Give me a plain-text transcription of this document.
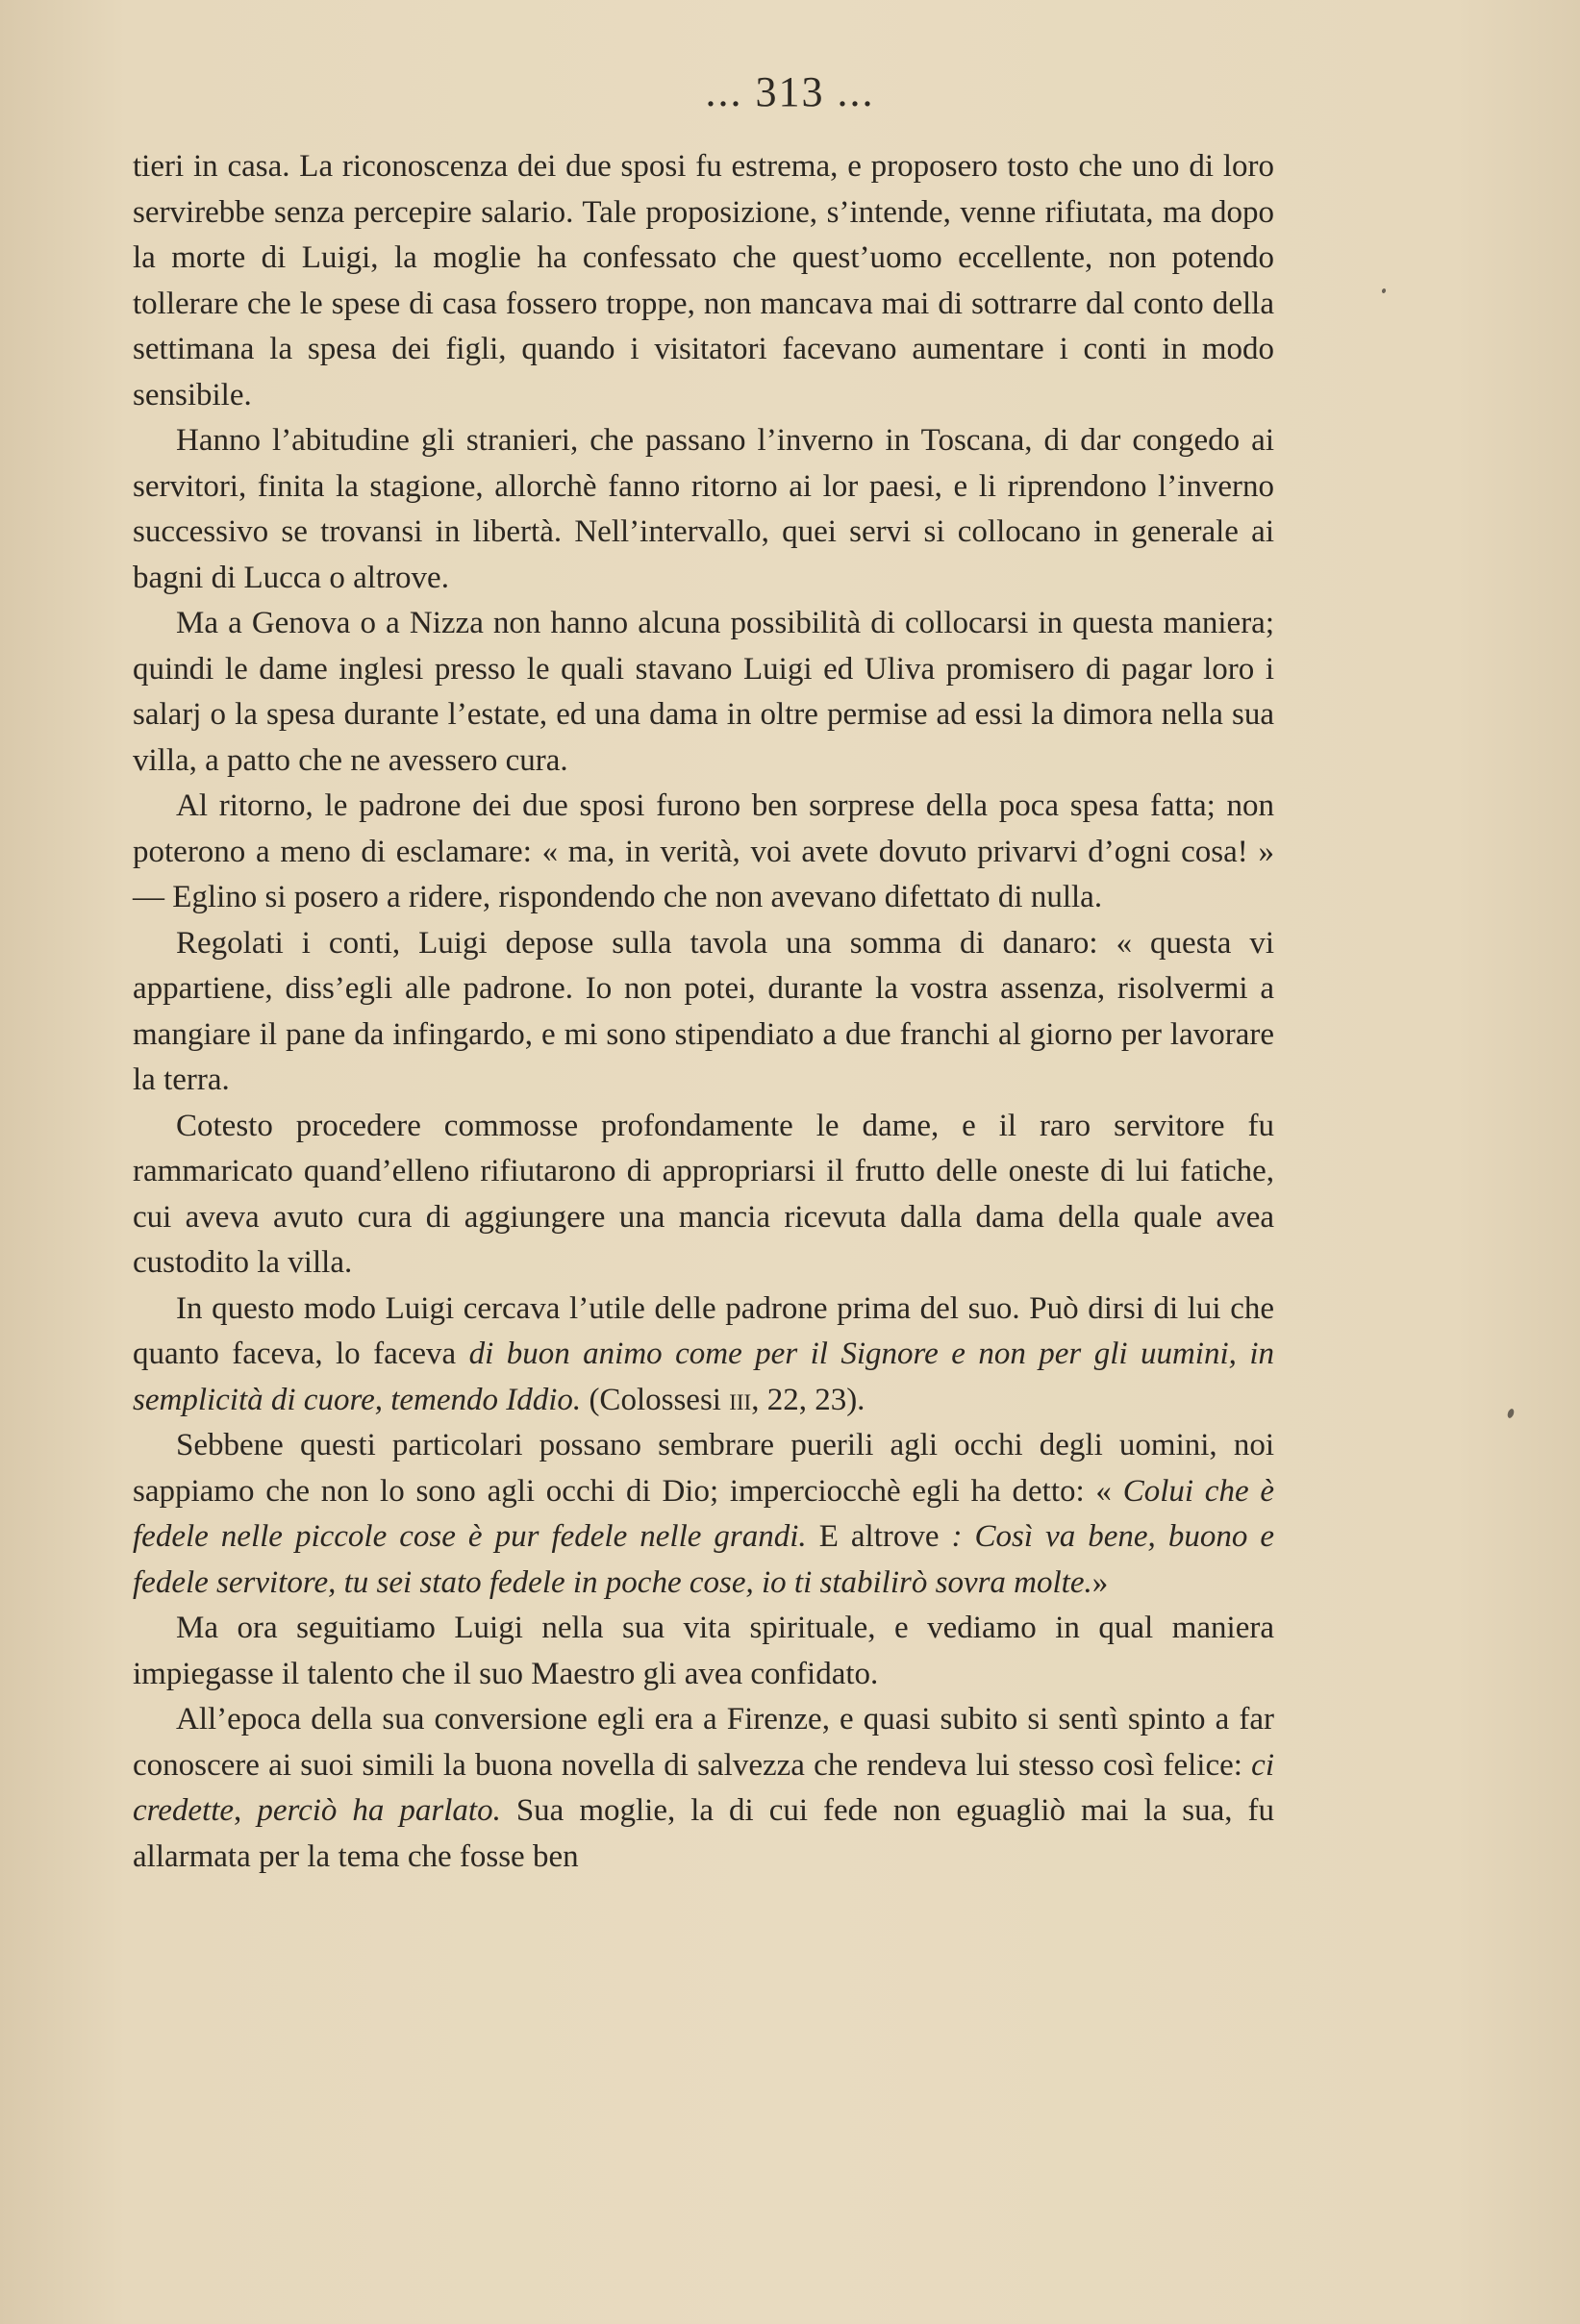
... 313 ...

tieri in casa. La riconoscenza dei due sposi fu estrema, e proposero tosto che uno di loro servirebbe senza percepire salario. Tale proposizione, s’intende, venne rifiutata, ma dopo la morte di Luigi, la moglie ha confessato che quest’uomo eccellente, non potendo tollerare che le spese di casa fossero troppe, non mancava mai di sottrarre dal conto della settimana la spesa dei figli, quando i visitatori facevano aumentare i conti in modo sensibile.

Hanno l’abitudine gli stranieri, che passano l’inverno in Toscana, di dar congedo ai servitori, finita la stagione, allorchè fanno ritorno ai lor paesi, e li riprendono l’inverno successivo se trovansi in libertà. Nell’intervallo, quei servi si collocano in generale ai bagni di Lucca o altrove.

Ma a Genova o a Nizza non hanno alcuna possibilità di collocarsi in questa maniera; quindi le dame inglesi presso le quali stavano Luigi ed Uliva promisero di pagar loro i salarj o la spesa durante l’estate, ed una dama in oltre permise ad essi la dimora nella sua villa, a patto che ne avessero cura.

Al ritorno, le padrone dei due sposi furono ben sorprese della poca spesa fatta; non poterono a meno di esclamare: « ma, in verità, voi avete dovuto privarvi d’ogni cosa! » — Eglino si posero a ridere, rispondendo che non avevano difettato di nulla.

Regolati i conti, Luigi depose sulla tavola una somma di danaro: « questa vi appartiene, diss’egli alle padrone. Io non potei, durante la vostra assenza, risolvermi a mangiare il pane da infingardo, e mi sono stipendiato a due franchi al giorno per lavorare la terra.

Cotesto procedere commosse profondamente le dame, e il raro servitore fu rammaricato quand’elleno rifiutarono di appropriarsi il frutto delle oneste di lui fatiche, cui aveva avuto cura di aggiungere una mancia ricevuta dalla dama della quale avea custodito la villa.

In questo modo Luigi cercava l’utile delle padrone prima del suo. Può dirsi di lui che quanto faceva, lo faceva di buon animo come per il Signore e non per gli uumini, in semplicità di cuore, temendo Iddio. (Colossesi iii, 22, 23).

Sebbene questi particolari possano sembrare puerili agli occhi degli uomini, noi sappiamo che non lo sono agli occhi di Dio; imperciocchè egli ha detto: « Colui che è fedele nelle piccole cose è pur fedele nelle grandi. E altrove : Così va bene, buono e fedele servitore, tu sei stato fedele in poche cose, io ti stabilirò sovra molte.»

Ma ora seguitiamo Luigi nella sua vita spirituale, e vediamo in qual maniera impiegasse il talento che il suo Maestro gli avea confidato.

All’epoca della sua conversione egli era a Firenze, e quasi subito si sentì spinto a far conoscere ai suoi simili la buona novella di salvezza che rendeva lui stesso così felice: ci credette, perciò ha parlato. Sua moglie, la di cui fede non eguagliò mai la sua, fu allarmata per la tema che fosse ben
